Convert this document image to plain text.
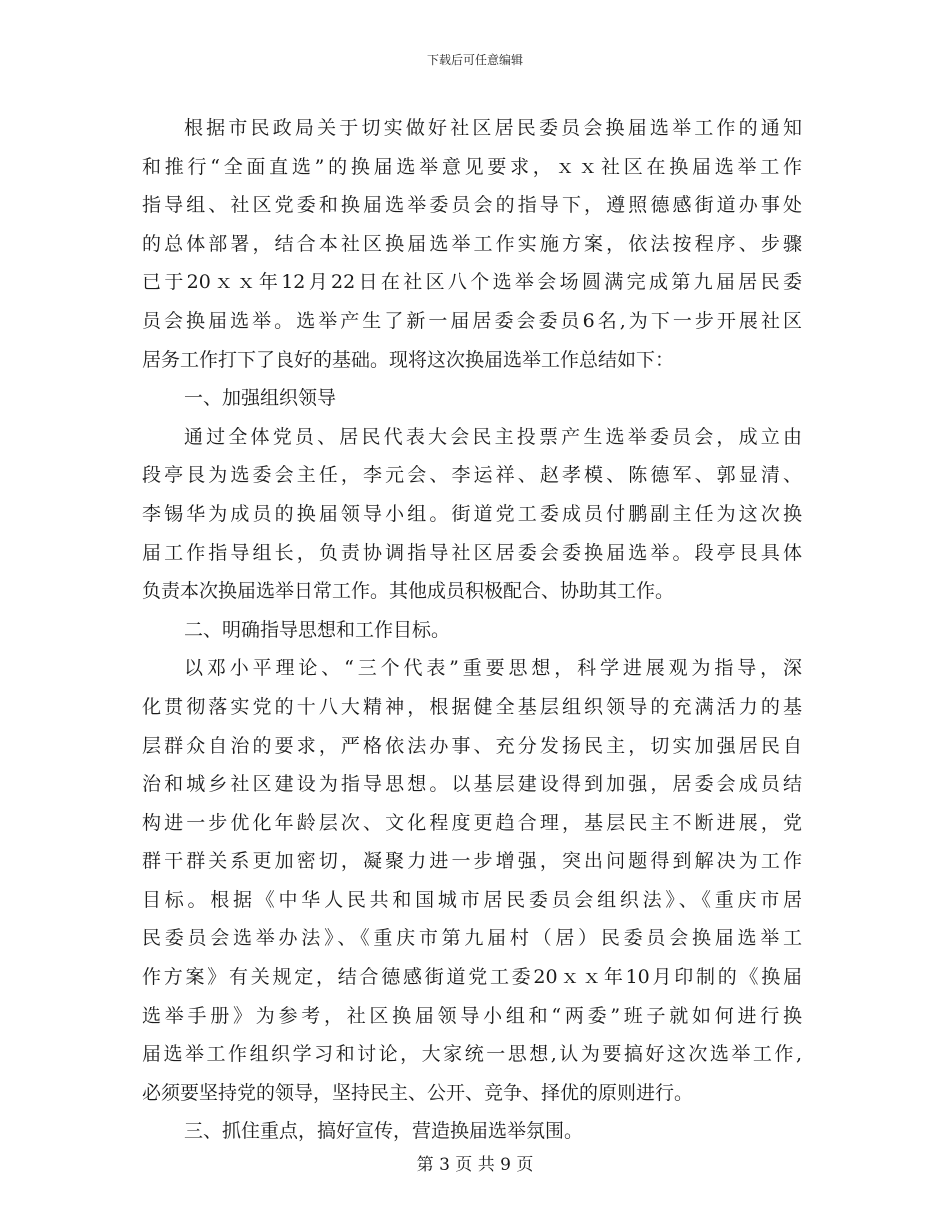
下载后可任意编辑
根据市民政局关于切实做好社区居民委员会换届选举工作的通知
和推行“全面直选”的换届选举意见要求，ｘｘ社区在换届选举工作
指导组、社区党委和换届选举委员会的指导下，遵照德感街道办事处
的总体部署，结合本社区换届选举工作实施方案，依法按程序、步骤
已于20ｘｘ年12月22日在社区八个选举会场圆满完成第九届居民委
员会换届选举。选举产生了新一届居委会委员6名,为下一步开展社区
居务工作打下了良好的基础。现将这次换届选举工作总结如下：
一、加强组织领导
通过全体党员、居民代表大会民主投票产生选举委员会，成立由
段亭艮为选委会主任，李元会、李运祥、赵孝模、陈德军、郭显清、
李锡华为成员的换届领导小组。街道党工委成员付鹏副主任为这次换
届工作指导组长，负责协调指导社区居委会委换届选举。段亭艮具体
负责本次换届选举日常工作。其他成员积极配合、协助其工作。
二、明确指导思想和工作目标。
以邓小平理论、“三个代表”重要思想，科学进展观为指导，深
化贯彻落实党的十八大精神，根据健全基层组织领导的充满活力的基
层群众自治的要求，严格依法办事、充分发扬民主，切实加强居民自
治和城乡社区建设为指导思想。以基层建设得到加强，居委会成员结
构进一步优化年龄层次、文化程度更趋合理，基层民主不断进展，党
群干群关系更加密切，凝聚力进一步增强，突出问题得到解决为工作
目标。根据《中华人民共和国城市居民委员会组织法》、《重庆市居
民委员会选举办法》、《重庆市第九届村（居）民委员会换届选举工
作方案》有关规定，结合德感街道党工委20ｘｘ年10月印制的《换届
选举手册》为参考，社区换届领导小组和“两委”班子就如何进行换
届选举工作组织学习和讨论，大家统一思想,认为要搞好这次选举工作,
必须要坚持党的领导，坚持民主、公开、竞争、择优的原则进行。
三、抓住重点，搞好宣传，营造换届选举氛围。
第 3 页 共 9 页
